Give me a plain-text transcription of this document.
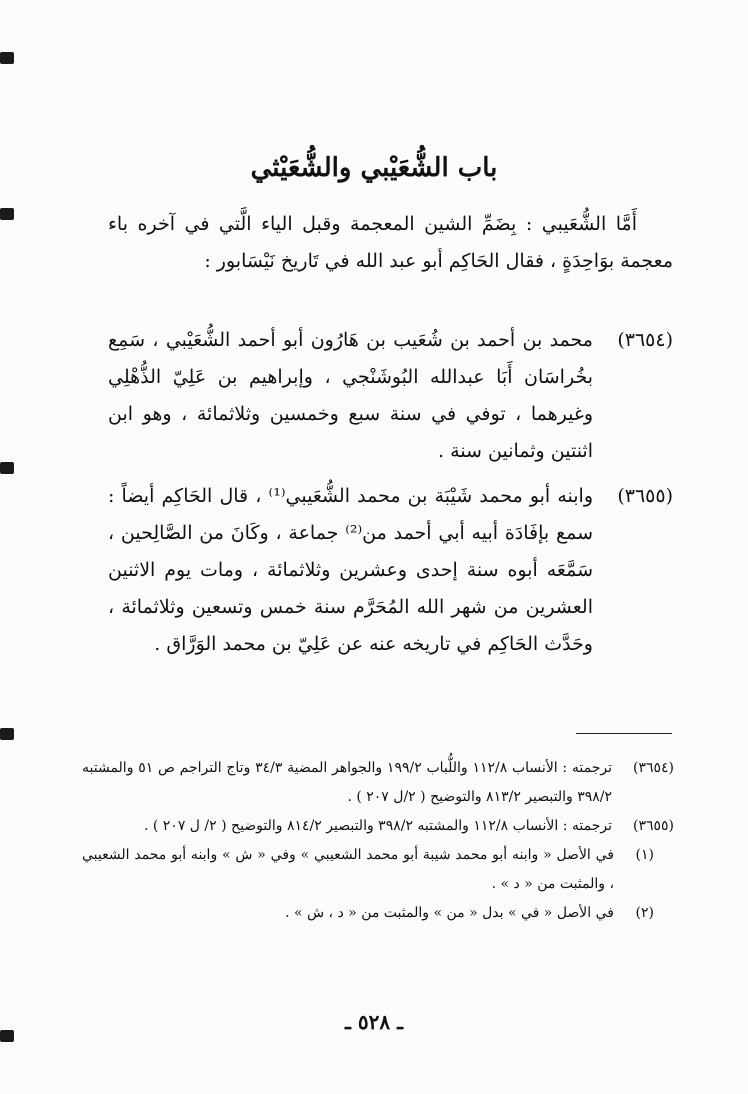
باب الشُّعَيْبي والشُّعَيْثي

أَمَّا الشُّعَيبي : بِضَمِّ الشين المعجمة وقبل الياء الَّتي في آخره باء معجمة بوَاحِدَةٍ ، فقال الحَاكِم أبو عبد الله في تَاريخ نَيْسَابور :

(٣٦٥٤)
محمد بن أحمد بن شُعَيب بن هَارُون أبو أحمد الشُّعَيْبي ، سَمِع بخُراسَان أَبَا عبدالله البُوشَنْجي ، وإبراهيم بن عَلِيّ الذُّهْلِي وغيرهما ، توفي في سنة سبع وخمسين وثلاثمائة ، وهو ابن اثنتين وثمانين سنة .
(٣٦٥٥)
وابنه أبو محمد شَيْبَة بن محمد الشُّعَيبي⁽¹⁾ ، قال الحَاكِم أيضاً : سمع بإفَادَة أبيه أبي أحمد من⁽²⁾ جماعة ، وكَانَ من الصَّالِحين ، سَمَّعَه أبوه سنة إحدى وعشرين وثلاثمائة ، ومات يوم الاثنين العشرين من شهر الله المُحَرَّم سنة خمس وتسعين وثلاثمائة ، وحَدَّث الحَاكِم في تاريخه عنه عن عَلِيّ بن محمد الوَرَّاق .
(٣٦٥٤)
ترجمته : الأنساب ١١٢/٨ واللُّباب ١٩٩/٢ والجواهر المضية ٣٤/٣ وتاج التراجم ص ٥١ والمشتبه ٣٩٨/٢ والتبصير ٨١٣/٢ والتوضيح ( ٢/ل ٢٠٧ ) .
(٣٦٥٥)
ترجمته : الأنساب ١١٢/٨ والمشتبه ٣٩٨/٢ والتبصير ٨١٤/٢ والتوضيح ( ٢/ ل ٢٠٧ ) .
(١)
في الأصل « وابنه أبو محمد شيبة أبو محمد الشعيبي » وفي « ش » وابنه أبو محمد الشعيبي ، والمثبت من « د » .
(٢)
في الأصل « في » بدل « من » والمثبت من « د ، ش » .
ـ ٥٢٨ ـ
